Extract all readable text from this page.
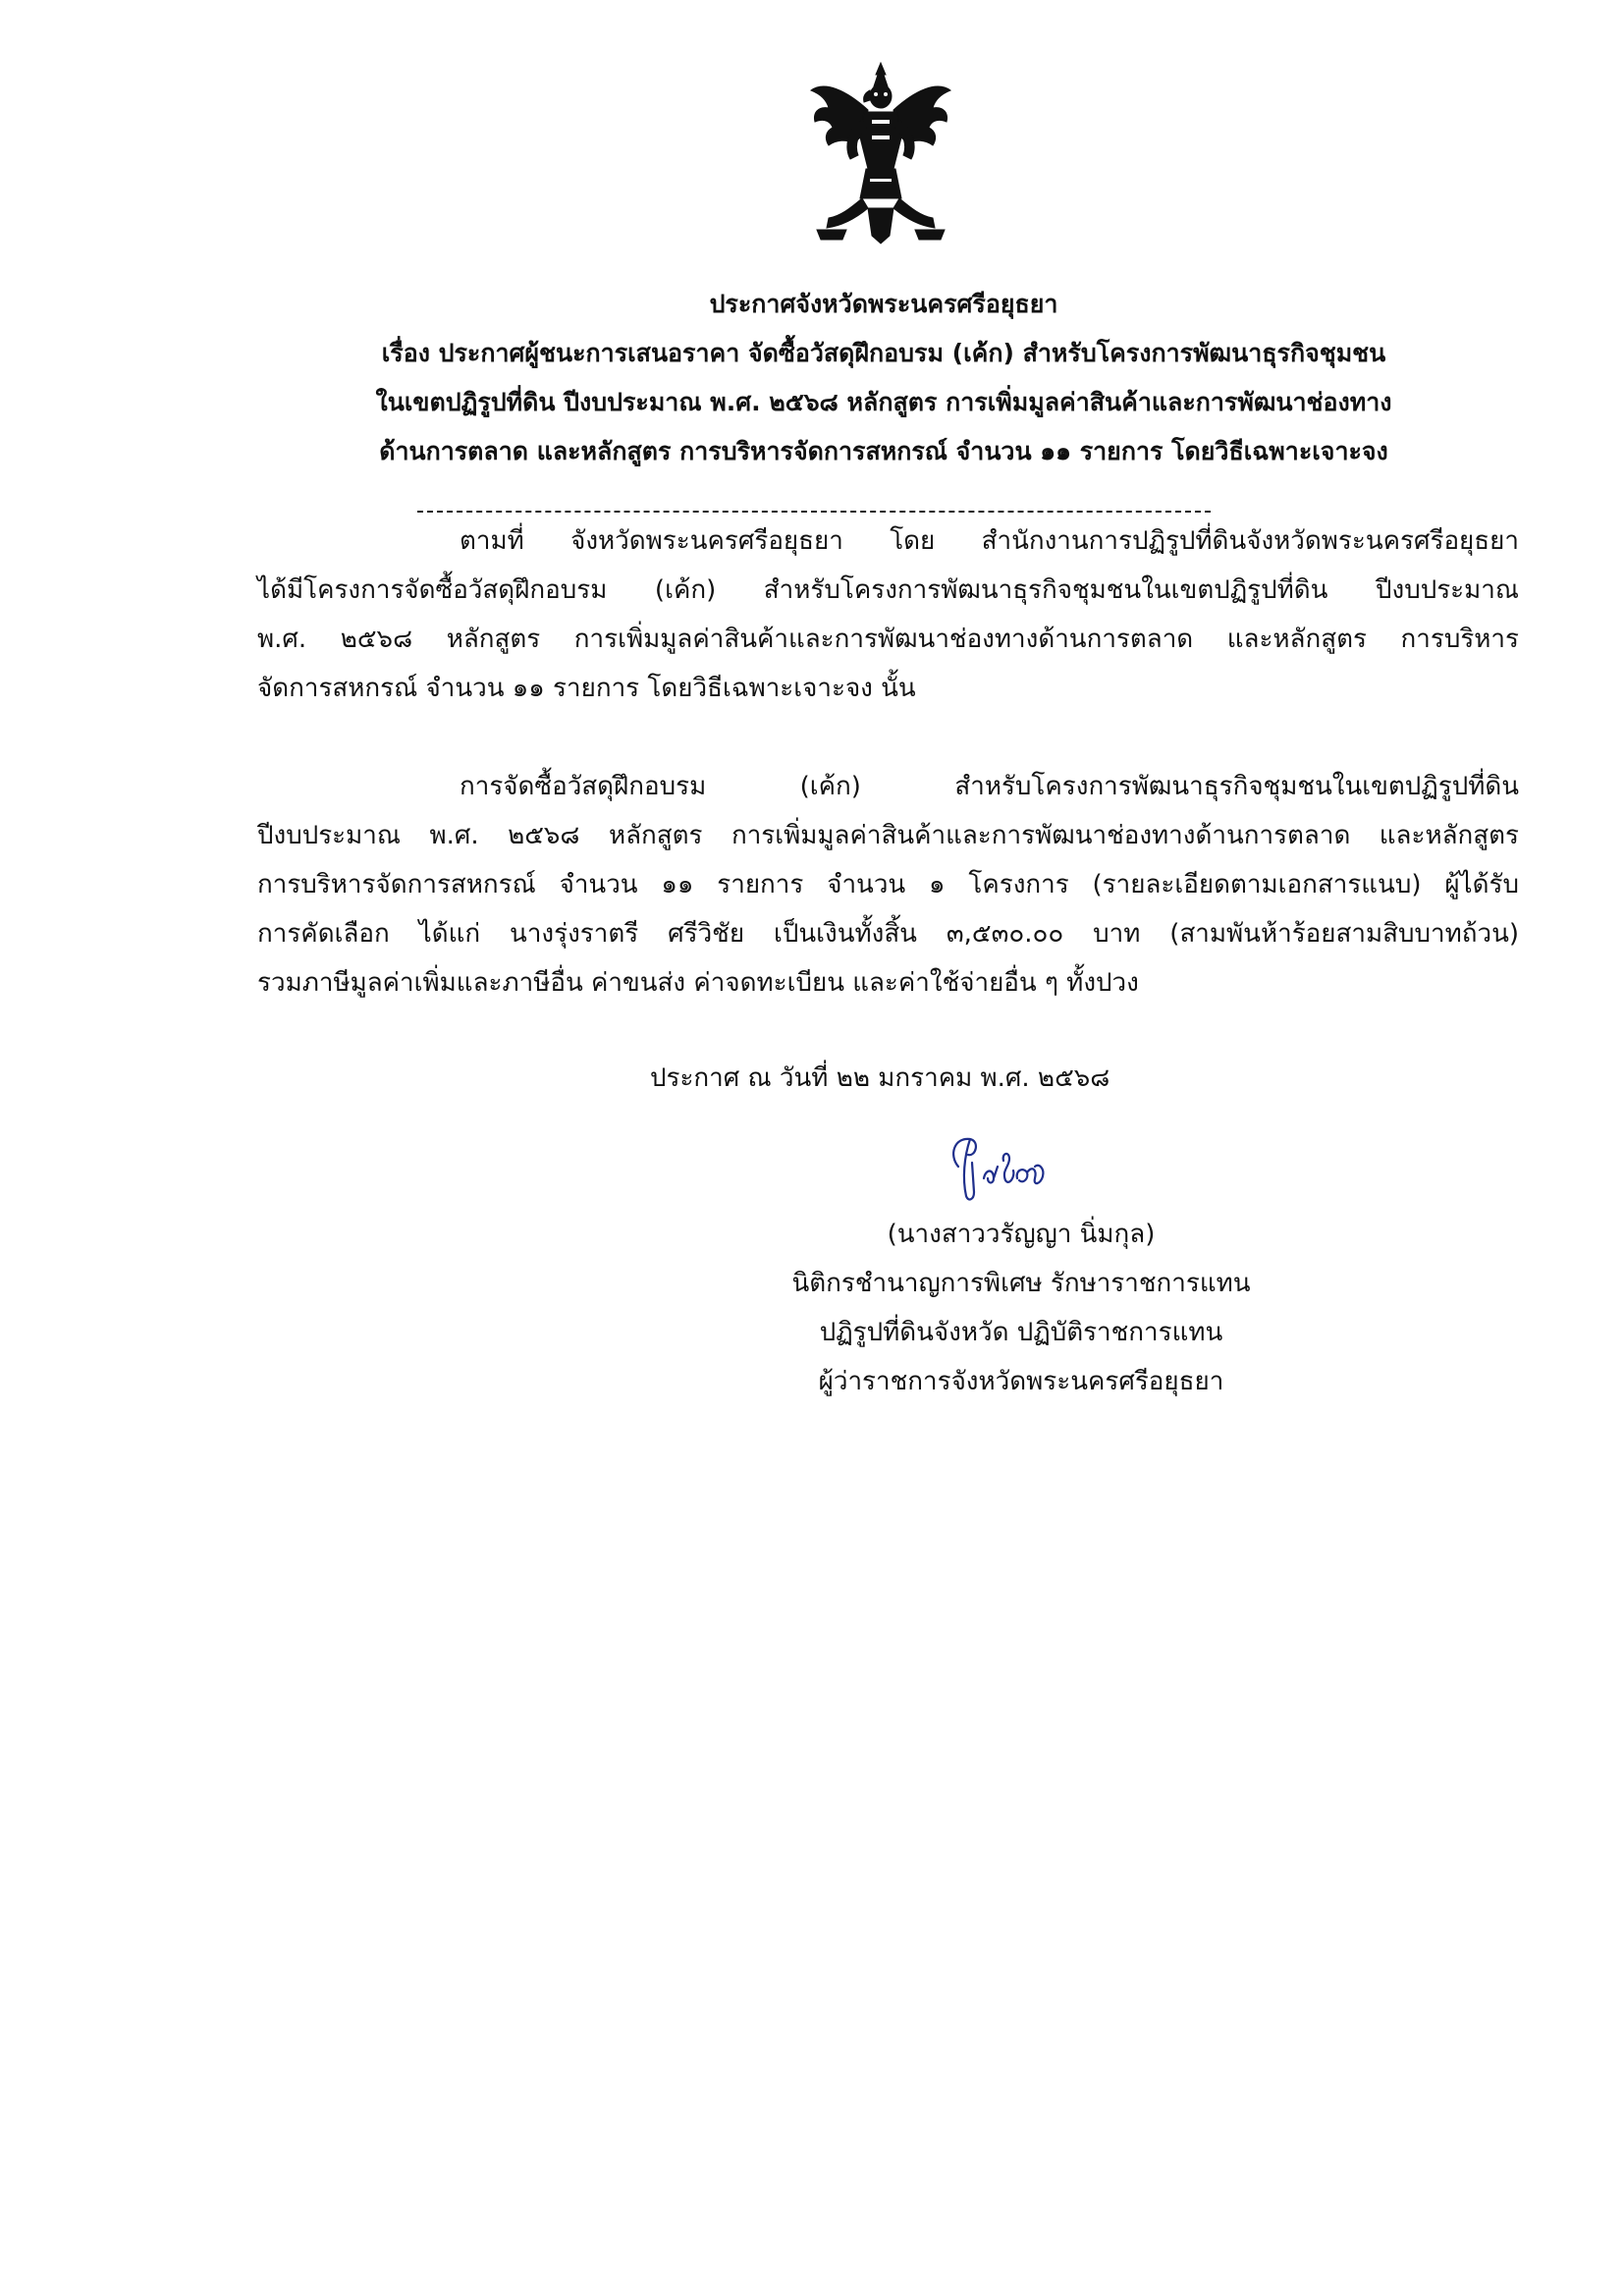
ประกาศจังหวัดพระนครศรีอยุธยา
เรื่อง ประกาศผู้ชนะการเสนอราคา จัดซื้อวัสดุฝึกอบรม (เค้ก) สำหรับโครงการพัฒนาธุรกิจชุมชน
ในเขตปฏิรูปที่ดิน ปีงบประมาณ พ.ศ. ๒๕๖๘ หลักสูตร การเพิ่มมูลค่าสินค้าและการพัฒนาช่องทาง
ด้านการตลาด และหลักสูตร การบริหารจัดการสหกรณ์ จำนวน ๑๑ รายการ โดยวิธีเฉพาะเจาะจง
ตามที่ จังหวัดพระนครศรีอยุธยา โดย สำนักงานการปฏิรูปที่ดินจังหวัดพระนครศรีอยุธยา
ได้มีโครงการจัดซื้อวัสดุฝึกอบรม (เค้ก) สำหรับโครงการพัฒนาธุรกิจชุมชนในเขตปฏิรูปที่ดิน ปีงบประมาณ
พ.ศ. ๒๕๖๘ หลักสูตร การเพิ่มมูลค่าสินค้าและการพัฒนาช่องทางด้านการตลาด และหลักสูตร การบริหาร
จัดการสหกรณ์ จำนวน ๑๑ รายการ โดยวิธีเฉพาะเจาะจง นั้น
การจัดซื้อวัสดุฝึกอบรม (เค้ก) สำหรับโครงการพัฒนาธุรกิจชุมชนในเขตปฏิรูปที่ดิน
ปีงบประมาณ พ.ศ. ๒๕๖๘ หลักสูตร การเพิ่มมูลค่าสินค้าและการพัฒนาช่องทางด้านการตลาด และหลักสูตร
การบริหารจัดการสหกรณ์ จำนวน ๑๑ รายการ จำนวน ๑ โครงการ (รายละเอียดตามเอกสารแนบ) ผู้ได้รับ
การคัดเลือก ได้แก่ นางรุ่งราตรี ศรีวิชัย เป็นเงินทั้งสิ้น ๓,๕๓๐.๐๐ บาท (สามพันห้าร้อยสามสิบบาทถ้วน)
รวมภาษีมูลค่าเพิ่มและภาษีอื่น ค่าขนส่ง ค่าจดทะเบียน และค่าใช้จ่ายอื่น ๆ ทั้งปวง
ประกาศ ณ วันที่ ๒๒ มกราคม พ.ศ. ๒๕๖๘
(นางสาววรัญญา นิ่มกุล)
นิติกรชำนาญการพิเศษ รักษาราชการแทน
ปฏิรูปที่ดินจังหวัด ปฏิบัติราชการแทน
ผู้ว่าราชการจังหวัดพระนครศรีอยุธยา
